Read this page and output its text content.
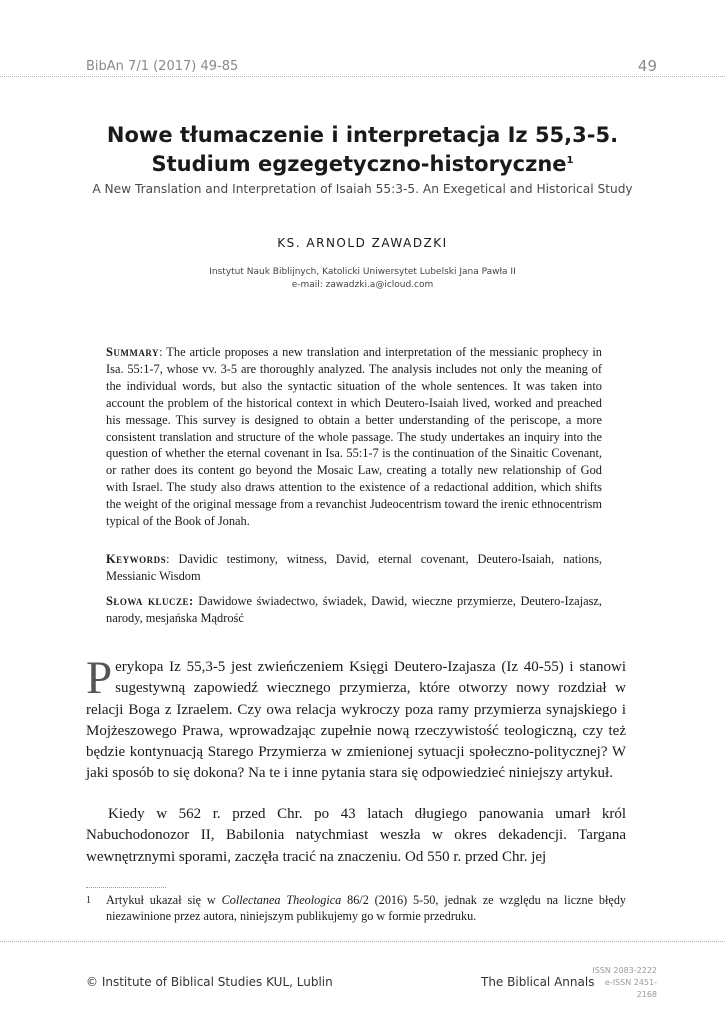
BibAn 7/1 (2017) 49-85	49
Nowe tłumaczenie i interpretacja Iz 55,3-5.
Studium egzegetyczno-historyczne$^1$
A New Translation and Interpretation of Isaiah 55:3-5. An Exegetical and Historical Study
KS. ARNOLD ZAWADZKI
Instytut Nauk Biblijnych, Katolicki Uniwersytet Lubelski Jana Pawła II
e-mail: zawadzki.a@icloud.com

Summary: The article proposes a new translation and interpretation of the messianic prophecy in Isa. 55:1-7, whose vv. 3-5 are thoroughly analyzed. The analysis includes not only the meaning of the individual words, but also the syntactic situation of the whole sentences. It was taken into account the problem of the historical context in which Deutero-Isaiah lived, worked and preached his message. This survey is designed to obtain a better understanding of the periscope, a more consistent translation and structure of the whole passage. The study undertakes an inquiry into the question of whether the eternal covenant in Isa. 55:1-7 is the continuation of the Sinaitic Covenant, or rather does its content go beyond the Mosaic Law, creating a totally new relationship of God with Israel. The study also draws attention to the existence of a redactional addition, which shifts the weight of the original message from a revanchist Judeocentrism toward the irenic ethnocentrism typical of the Book of Jonah.

Keywords: Davidic testimony, witness, David, eternal covenant, Deutero-Isaiah, nations, Messianic Wisdom

Słowa klucze: Dawidowe świadectwo, świadek, Dawid, wieczne przymierze, Deutero-Izajasz, narody, mesjańska Mądrość

Perykopa Iz 55,3-5 jest zwieńczeniem Księgi Deutero-Izajasza (Iz 40-55) i stanowi sugestywną zapowiedź wiecznego przymierza, które otworzy nowy rozdział w relacji Boga z Izraelem. Czy owa relacja wykroczy poza ramy przymierza synajskiego i Mojżeszowego Prawa, wprowadzając zupełnie nową rzeczywistość teologiczną, czy też będzie kontynuacją Starego Przymierza w zmienionej sytuacji społeczno-politycznej? W jaki sposób to się dokona? Na te i inne pytania stara się odpowiedzieć niniejszy artykuł.

Kiedy w 562 r. przed Chr. po 43 latach długiego panowania umarł król Nabuchodonozor II, Babilonia natychmiast weszła w okres dekadencji. Targana wewnętrznymi sporami, zaczęła tracić na znaczeniu. Od 550 r. przed Chr. jej

1 Artykuł ukazał się w Collectanea Theologica 86/2 (2016) 5-50, jednak ze względu na liczne błędy niezawinione przez autora, niniejszym publikujemy go w formie przedruku.
© Institute of Biblical Studies KUL, Lublin	The Biblical Annals
ISSN 2083-2222
e-ISSN 2451-2168
